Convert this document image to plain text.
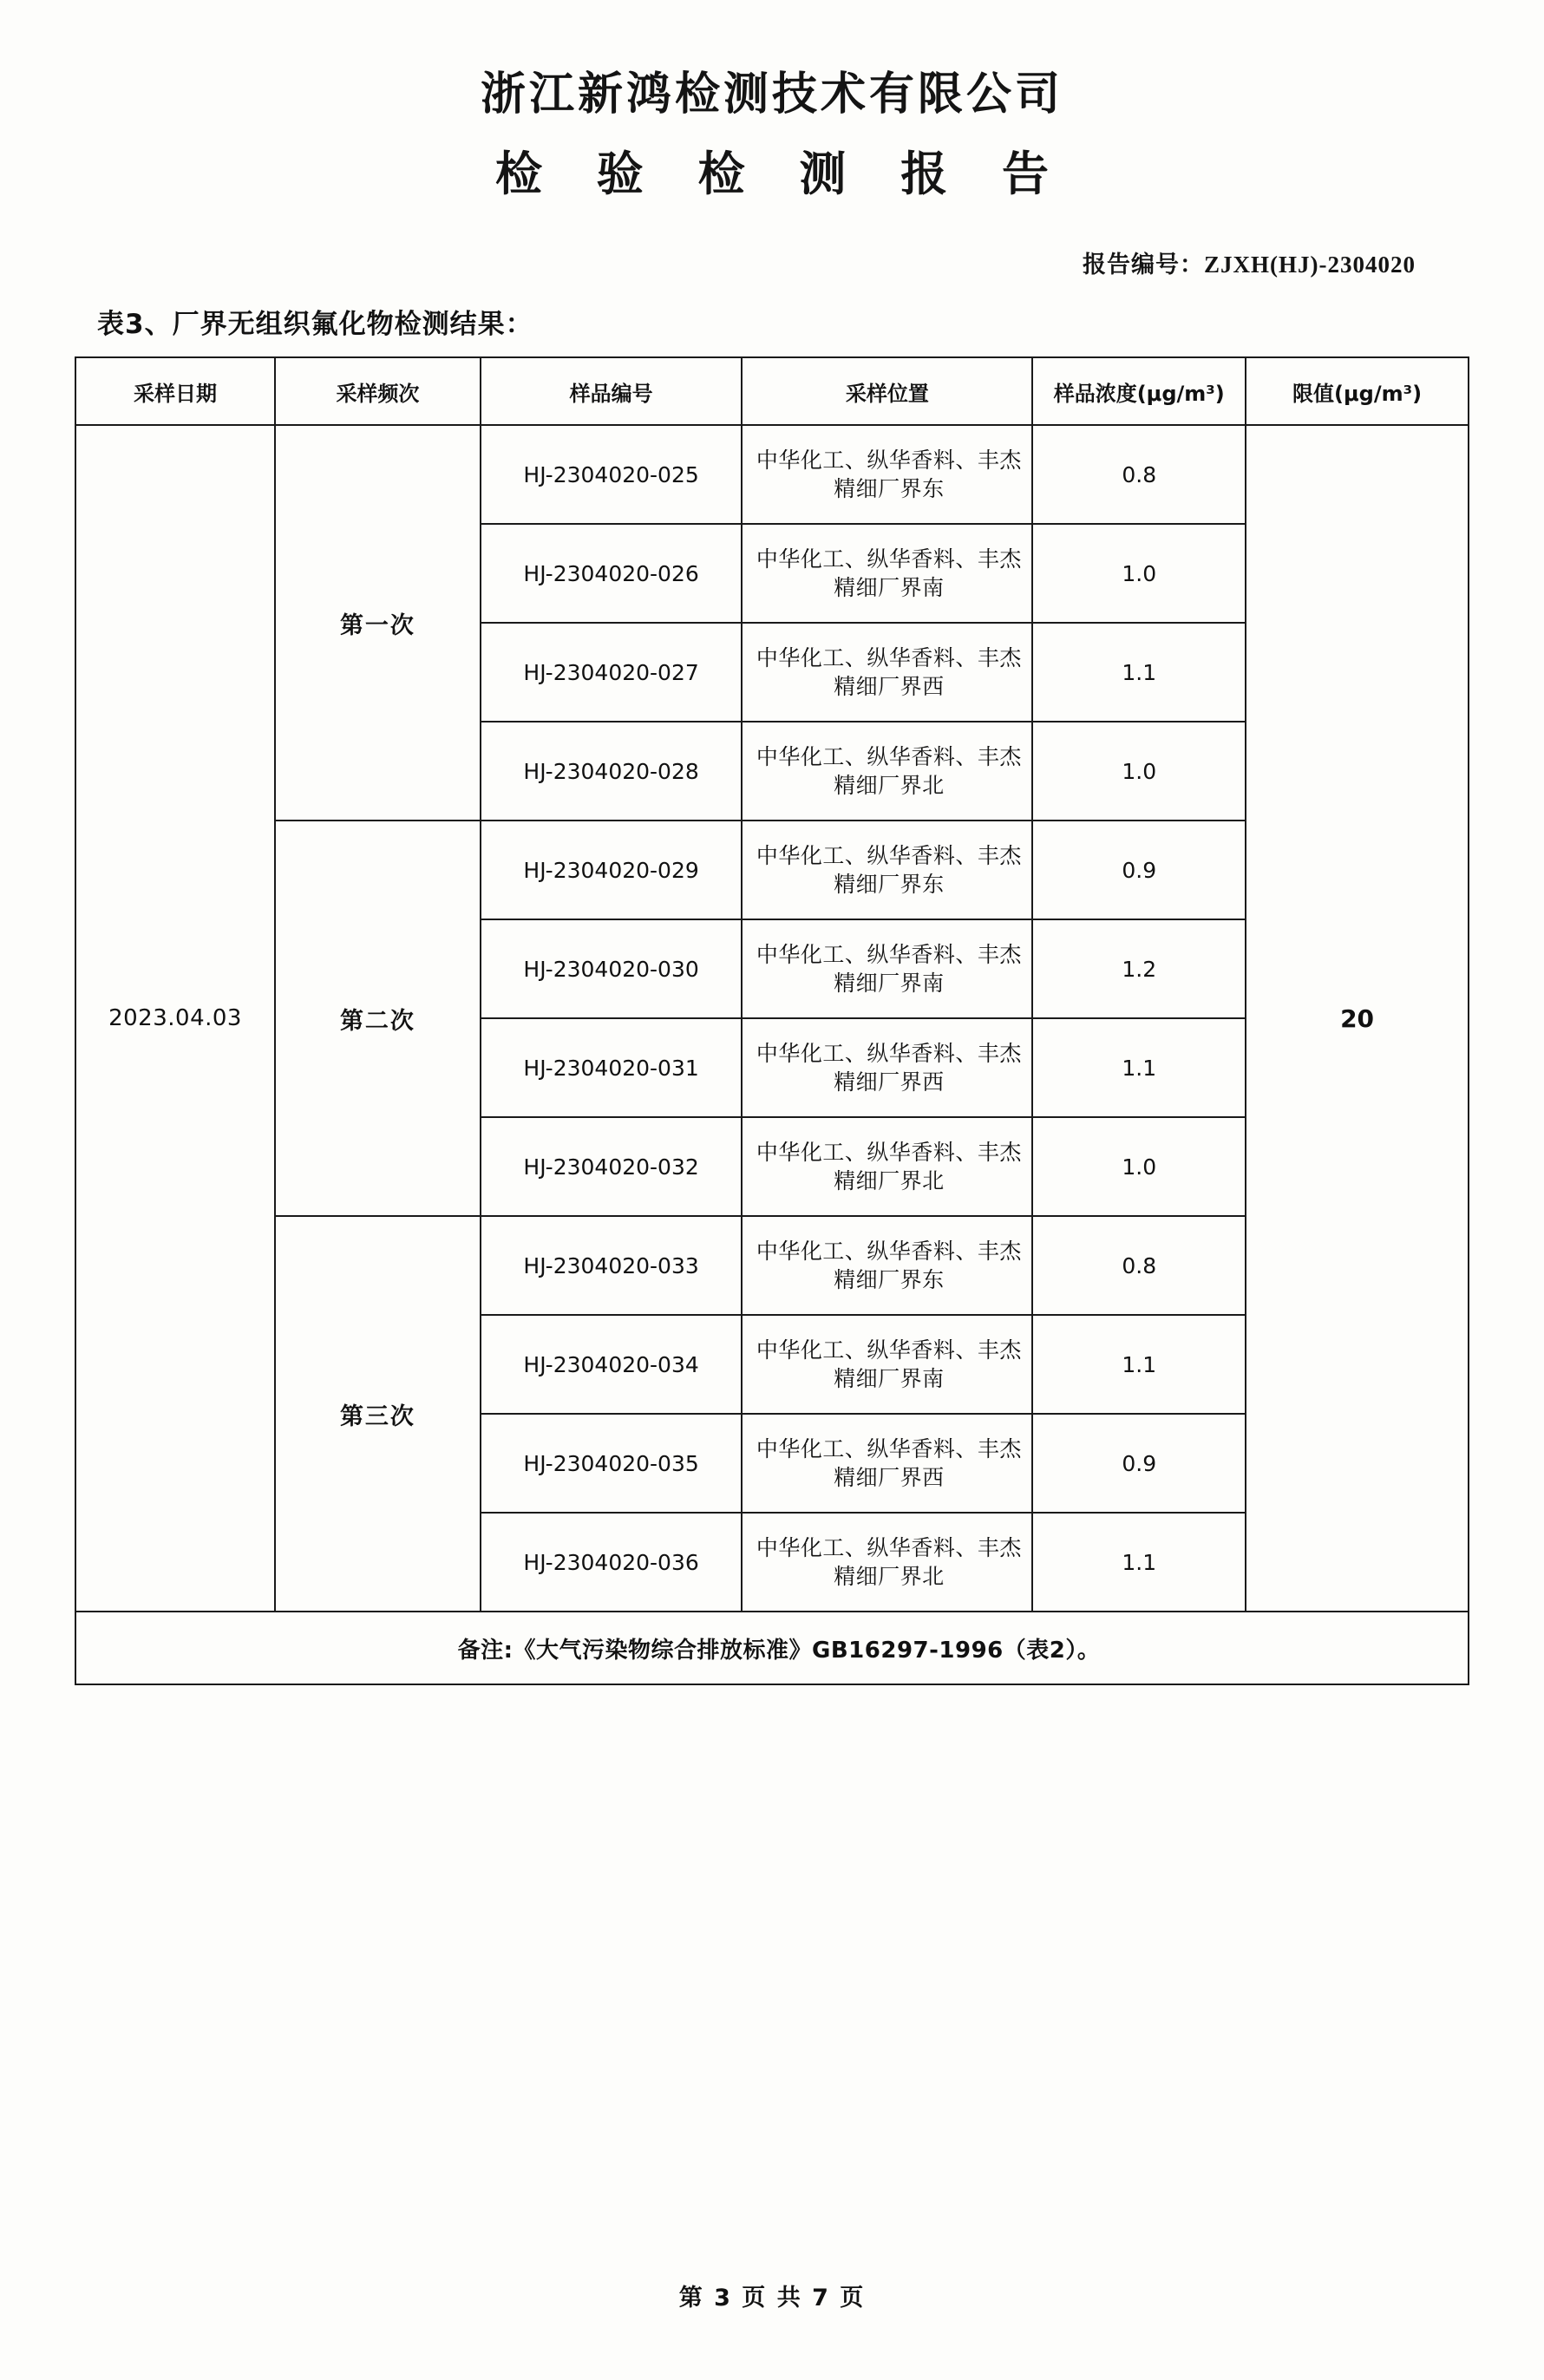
浙江新鸿检测技术有限公司
检 验 检 测 报 告
报告编号：ZJXH(HJ)-2304020
表3、厂界无组织氟化物检测结果：
采样日期	采样频次	样品编号	采样位置	样品浓度(μg/m³)	限值(μg/m³)
2023.04.03	第一次	HJ-2304020-025	中华化工、纵华香料、丰杰精细厂界东	0.8	20
		HJ-2304020-026	中华化工、纵华香料、丰杰精细厂界南	1.0	
		HJ-2304020-027	中华化工、纵华香料、丰杰精细厂界西	1.1	
		HJ-2304020-028	中华化工、纵华香料、丰杰精细厂界北	1.0	
	第二次	HJ-2304020-029	中华化工、纵华香料、丰杰精细厂界东	0.9	
		HJ-2304020-030	中华化工、纵华香料、丰杰精细厂界南	1.2	
		HJ-2304020-031	中华化工、纵华香料、丰杰精细厂界西	1.1	
		HJ-2304020-032	中华化工、纵华香料、丰杰精细厂界北	1.0	
	第三次	HJ-2304020-033	中华化工、纵华香料、丰杰精细厂界东	0.8	
		HJ-2304020-034	中华化工、纵华香料、丰杰精细厂界南	1.1	
		HJ-2304020-035	中华化工、纵华香料、丰杰精细厂界西	0.9	
		HJ-2304020-036	中华化工、纵华香料、丰杰精细厂界北	1.1	
备注:《大气污染物综合排放标准》GB16297-1996（表2）。					
第 3 页 共 7 页
